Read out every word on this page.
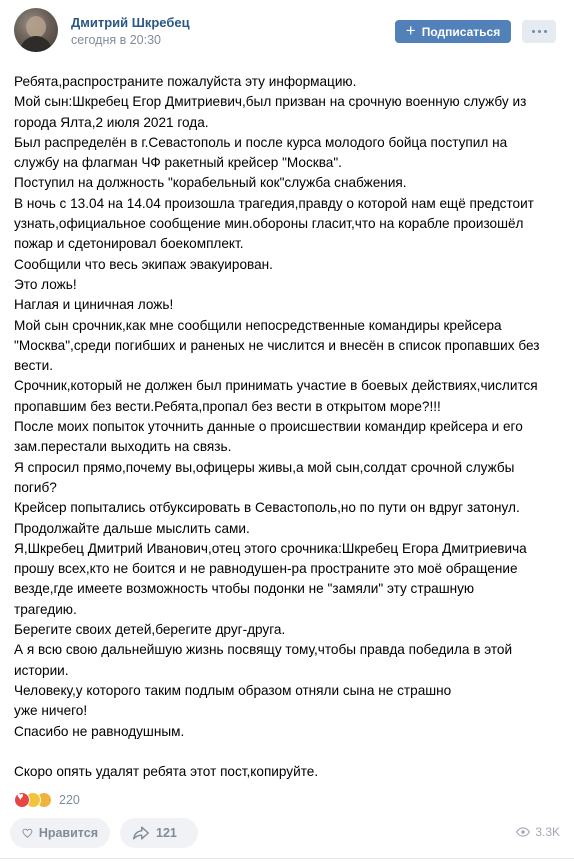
Дмитрий Шкребец
сегодня в 20:30	+ Подписаться

Ребята,распространите пожалуйста эту информацию.

Мой сын:Шкребец Егор Дмитриевич,был призван на срочную военную службу из
города Ялта,2 июля 2021 года.

Был распределён в г.Севастополь и после курса молодого бойца поступил на
службу на флагман ЧФ ракетный крейсер "Москва".

Поступил на должность "корабельный кок"служба снабжения.

В ночь с 13.04 на 14.04 произошла трагедия,правду о которой нам ещё предстоит
узнать,официальное сообщение мин.обороны гласит,что на корабле произошёл
пожар и сдетонировал боекомплект.

Сообщили что весь экипаж эвакуирован.

Это ложь!

Наглая и циничная ложь!

Мой сын срочник,как мне сообщили непосредственные командиры крейсера
"Москва",среди погибших и раненых не числится и внесён в список пропавших без
вести.

Срочник,который не должен был принимать участие в боевых действиях,числится
пропавшим без вести.Ребята,пропал без вести в открытом море?!!!

После моих попыток уточнить данные о происшествии командир крейсера и его
зам.перестали выходить на связь.

Я спросил прямо,почему вы,офицеры живы,а мой сын,солдат срочной службы
погиб?

Крейсер попытались отбуксировать в Севастополь,но по пути он вдруг затонул.

Продолжайте дальше мыслить сами.

Я,Шкребец Дмитрий Иванович,отец этого срочника:Шкребец Егора Дмитриевича
прошу всех,кто не боится и не равнодушен-ра пространите это моё обращение
везде,где имеете возможность чтобы подонки не "замяли" эту страшную
трагедию.

Берегите своих детей,берегите друг-друга.

А я всю свою дальнейшую жизнь посвящу тому,чтобы правда победила в этой
истории.

Человеку,у которого таким подлым образом отняли сына не страшно
уже ничего!

Спасибо не равнодушным.

Скоро опять удалят ребята этот пост,копируйте.

♥
220
Нравится	121	3.3K
